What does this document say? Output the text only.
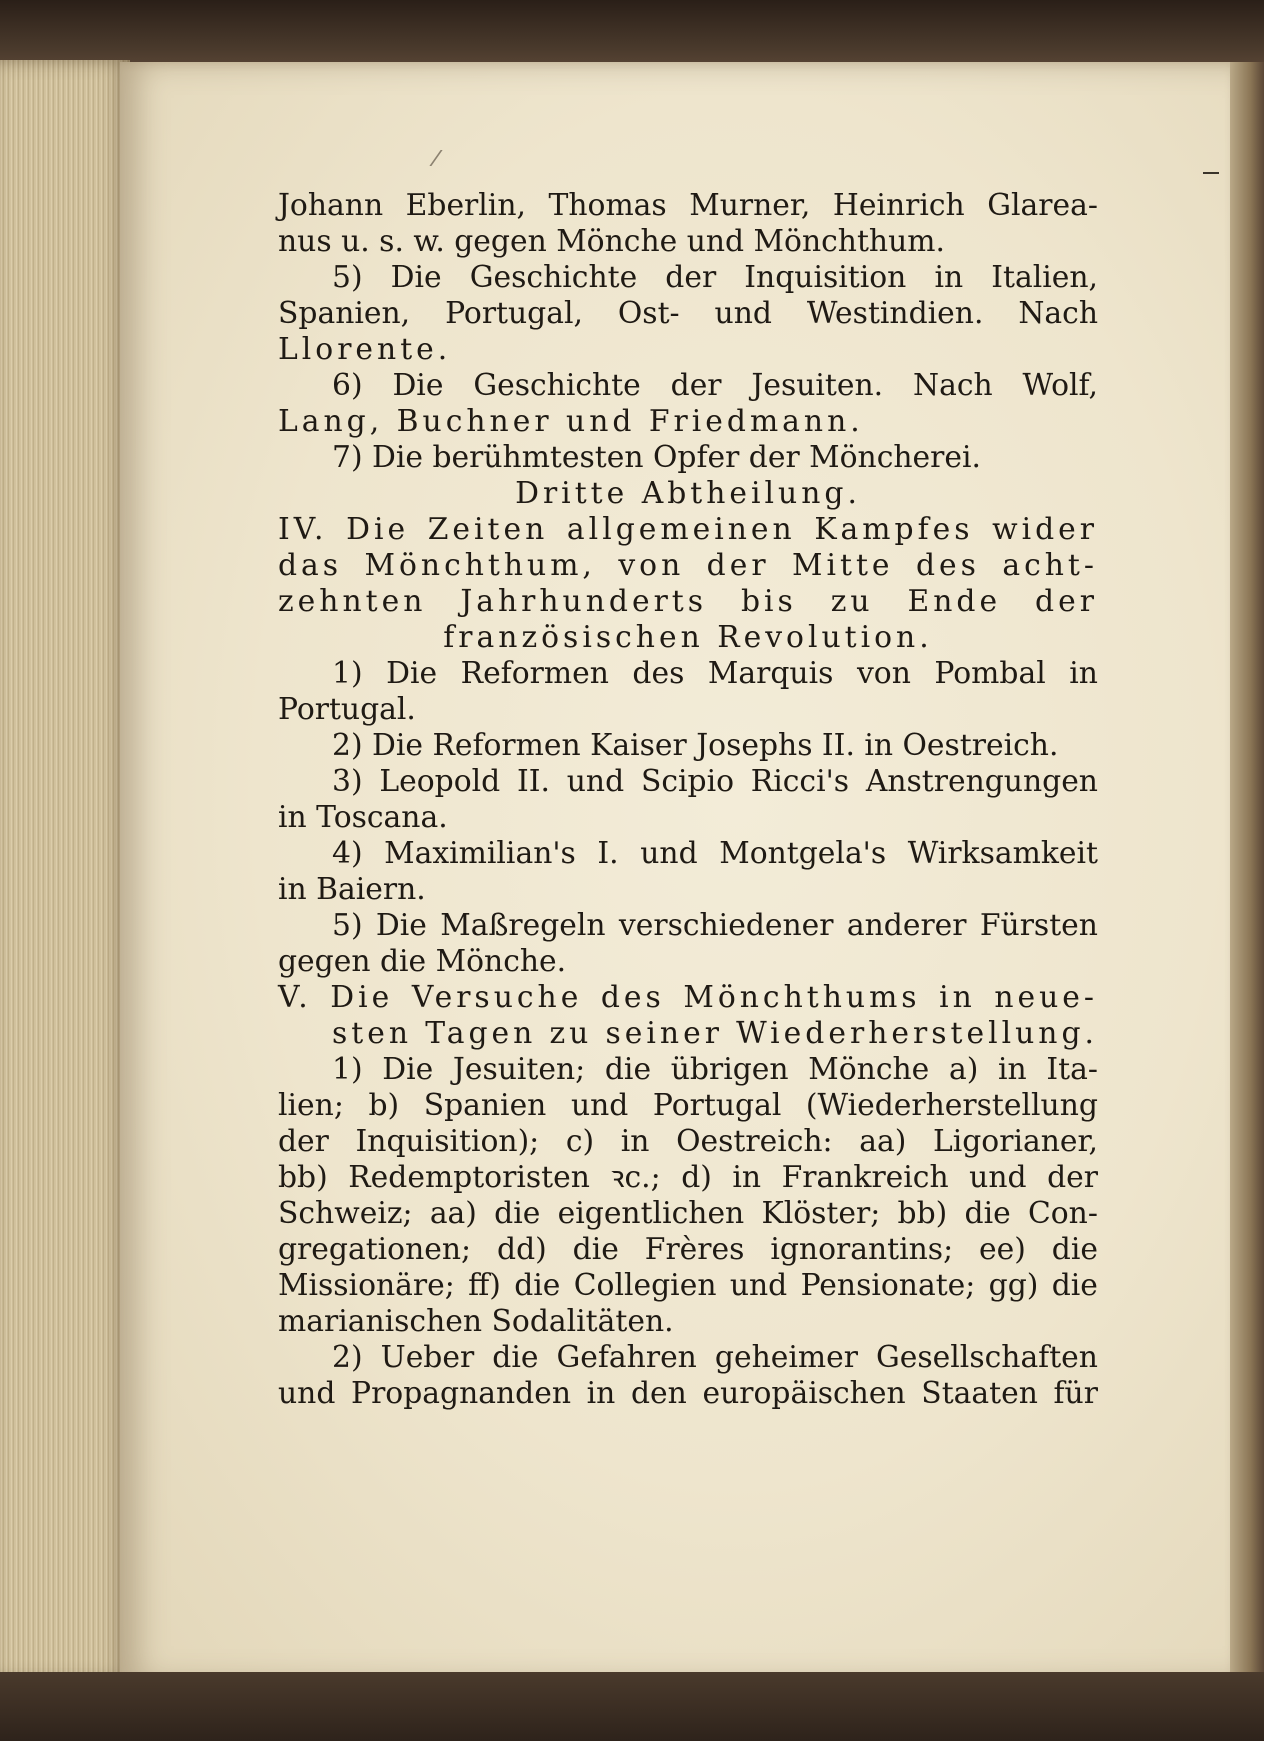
Johann Eberlin, Thomas Murner, Heinrich Glarea-
nus u. s. w. gegen Mönche und Mönchthum.
5) Die Geschichte der Inquisition in Italien,
Spanien, Portugal, Ost- und Westindien. Nach
Llorente.
6) Die Geschichte der Jesuiten. Nach Wolf,
Lang, Buchner und Friedmann.
7) Die berühmtesten Opfer der Möncherei.
Dritte Abtheilung.
IV. Die Zeiten allgemeinen Kampfes wider
das Mönchthum, von der Mitte des acht-
zehnten Jahrhunderts bis zu Ende der
französischen Revolution.
1) Die Reformen des Marquis von Pombal in
Portugal.
2) Die Reformen Kaiser Josephs II. in Oestreich.
3) Leopold II. und Scipio Ricci's Anstrengungen
in Toscana.
4) Maximilian's I. und Montgela's Wirksamkeit
in Baiern.
5) Die Maßregeln verschiedener anderer Fürsten
gegen die Mönche.
V. Die Versuche des Mönchthums in neue-
sten Tagen zu seiner Wiederherstellung.
1) Die Jesuiten; die übrigen Mönche a) in Ita-
lien; b) Spanien und Portugal (Wiederherstellung
der Inquisition); c) in Oestreich: aa) Ligorianer,
bb) Redemptoristen ꝛc.; d) in Frankreich und der
Schweiz; aa) die eigentlichen Klöster; bb) die Con-
gregationen; dd) die Frères ignorantins; ee) die
Missionäre; ff) die Collegien und Pensionate; gg) die
marianischen Sodalitäten.
2) Ueber die Gefahren geheimer Gesellschaften
und Propagnanden in den europäischen Staaten für
